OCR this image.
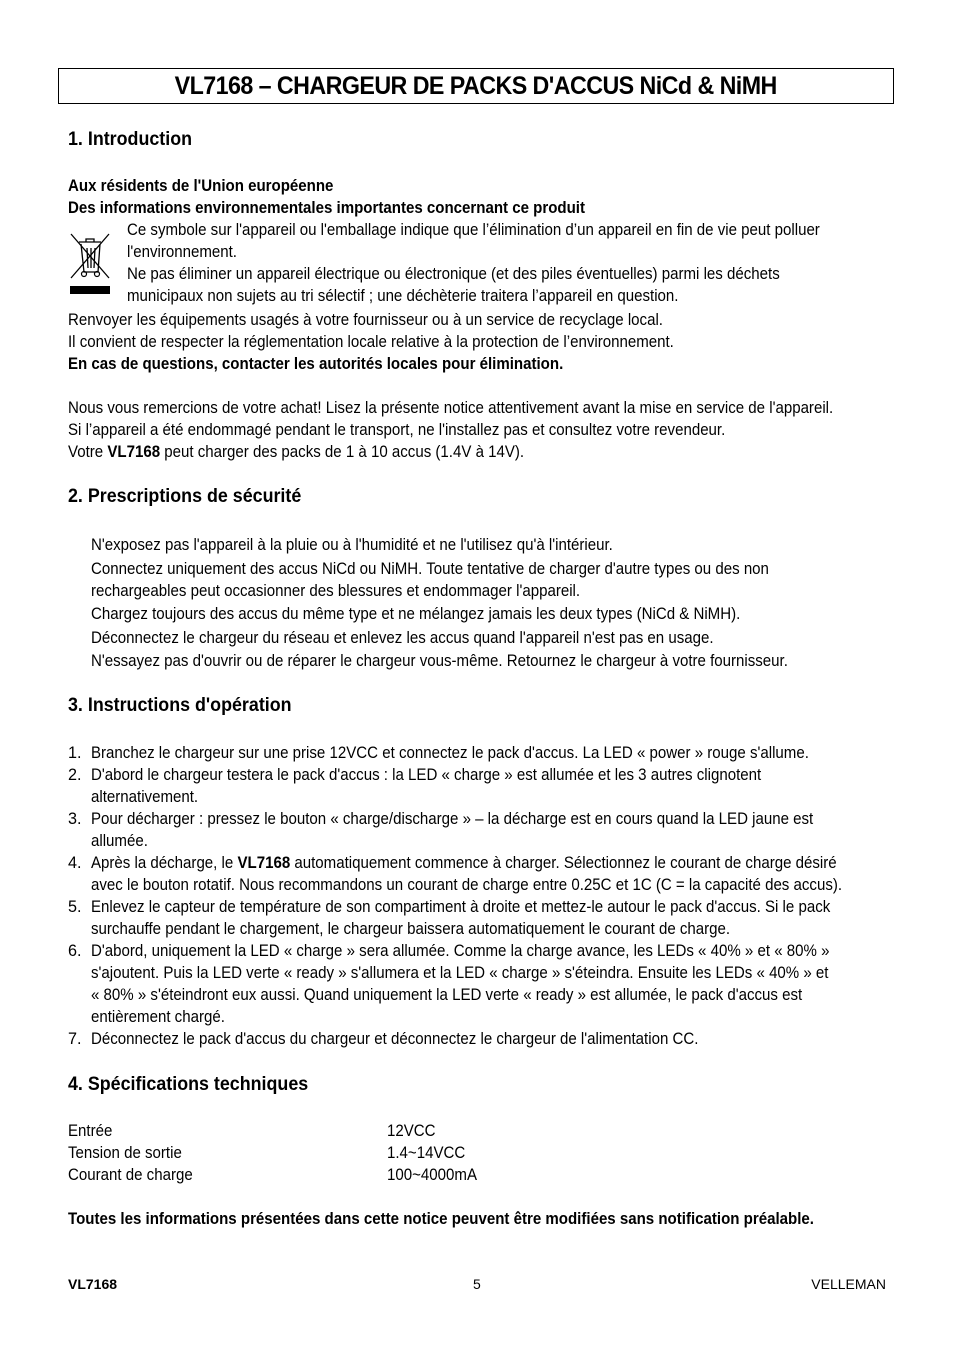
VL7168 – CHARGEUR DE PACKS D'ACCUS NiCd & NiMH
1. Introduction
Aux résidents de l'Union européenne
Des informations environnementales importantes concernant ce produit
Ce symbole sur l'appareil ou l'emballage indique que l’élimination d’un appareil en fin de vie peut polluer
l'environnement.
Ne pas éliminer un appareil électrique ou électronique (et des piles éventuelles) parmi les déchets
municipaux non sujets au tri sélectif ; une déchèterie traitera l’appareil en question.
Renvoyer les équipements usagés à votre fournisseur ou à un service de recyclage local.
Il convient de respecter la réglementation locale relative à la protection de l’environnement.
En cas de questions, contacter les autorités locales pour élimination.
Nous vous remercions de votre achat! Lisez la présente notice attentivement avant la mise en service de l'appareil.
Si l’appareil a été endommagé pendant le transport, ne l'installez pas et consultez votre revendeur.
Votre VL7168 peut charger des packs de 1 à 10 accus (1.4V à 14V).
2. Prescriptions de sécurité
N'exposez pas l'appareil à la pluie ou à l'humidité et ne l'utilisez qu'à l'intérieur.
Connectez uniquement des accus NiCd ou NiMH. Toute tentative de charger d'autre types ou des non
rechargeables peut occasionner des blessures et endommager l'appareil.
Chargez toujours des accus du même type et ne mélangez jamais les deux types (NiCd & NiMH).
Déconnectez le chargeur du réseau et enlevez les accus quand l'appareil n'est pas en usage.
N'essayez pas d'ouvrir ou de réparer le chargeur vous-même. Retournez le chargeur à votre fournisseur.
3. Instructions d'opération
1. Branchez le chargeur sur une prise 12VCC et connectez le pack d'accus. La LED « power » rouge s'allume.
2. D'abord le chargeur testera le pack d'accus : la LED « charge » est allumée et les 3 autres clignotent
alternativement.
3. Pour décharger : pressez le bouton « charge/discharge » – la décharge est en cours quand la LED jaune est
allumée.
4. Après la décharge, le VL7168 automatiquement commence à charger. Sélectionnez le courant de charge désiré
avec le bouton rotatif. Nous recommandons un courant de charge entre 0.25C et 1C (C = la capacité des accus).
5. Enlevez le capteur de température de son compartiment à droite et mettez-le autour le pack d'accus. Si le pack
surchauffe pendant le chargement, le chargeur baissera automatiquement le courant de charge.
6. D'abord, uniquement la LED « charge » sera allumée. Comme la charge avance, les LEDs « 40% » et « 80% »
s'ajoutent. Puis la LED verte « ready » s'allumera et la LED « charge » s'éteindra. Ensuite les LEDs « 40% » et
« 80% » s'éteindront eux aussi. Quand uniquement la LED verte « ready » est allumée, le pack d'accus est
entièrement chargé.
7. Déconnectez le pack d'accus du chargeur et déconnectez le chargeur de l'alimentation CC.
4. Spécifications techniques
Entrée	12VCC
Tension de sortie	1.4~14VCC
Courant de charge	100~4000mA
Toutes les informations présentées dans cette notice peuvent être modifiées sans notification préalable.
VL7168	5	VELLEMAN
